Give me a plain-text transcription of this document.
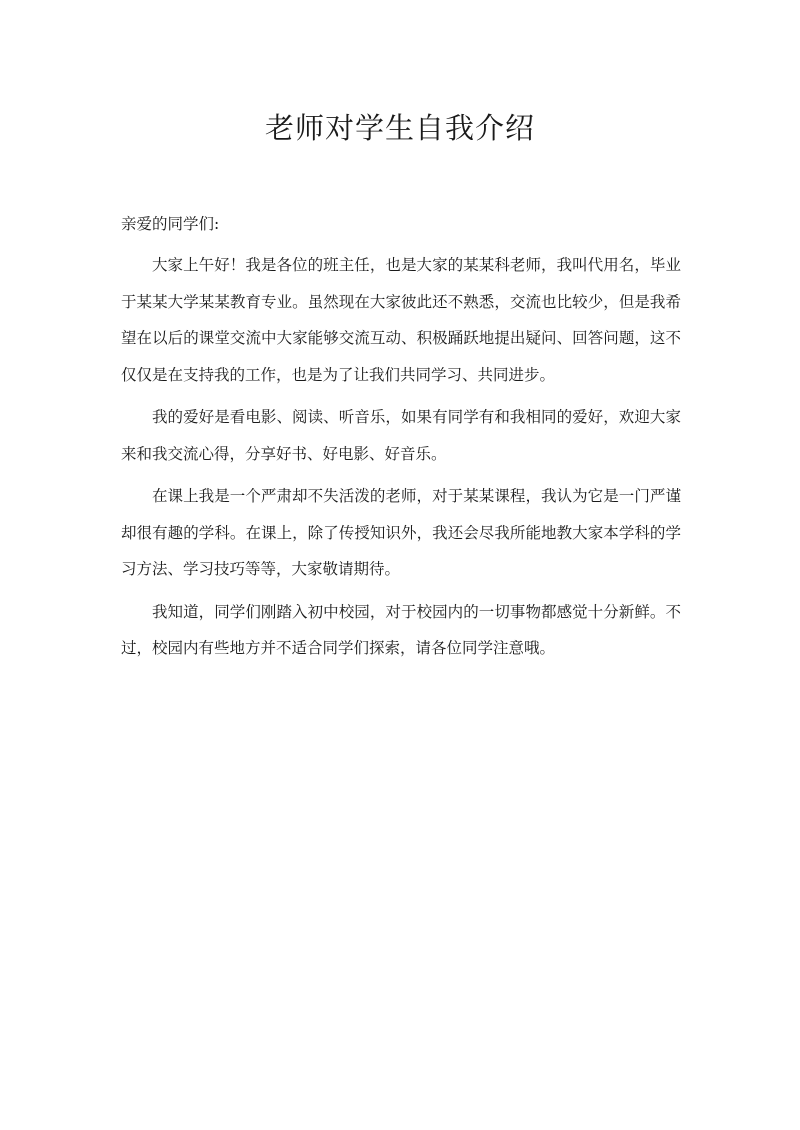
老师对学生自我介绍

亲爱的同学们:

大家上午好！我是各位的班主任，也是大家的某某科老师，我叫代用名，毕业于某某大学某某教育专业。虽然现在大家彼此还不熟悉，交流也比较少，但是我希望在以后的课堂交流中大家能够交流互动、积极踊跃地提出疑问、回答问题，这不仅仅是在支持我的工作，也是为了让我们共同学习、共同进步。

我的爱好是看电影、阅读、听音乐，如果有同学有和我相同的爱好，欢迎大家来和我交流心得，分享好书、好电影、好音乐。

在课上我是一个严肃却不失活泼的老师，对于某某课程，我认为它是一门严谨却很有趣的学科。在课上，除了传授知识外，我还会尽我所能地教大家本学科的学习方法、学习技巧等等，大家敬请期待。

我知道，同学们刚踏入初中校园，对于校园内的一切事物都感觉十分新鲜。不过，校园内有些地方并不适合同学们探索，请各位同学注意哦。
